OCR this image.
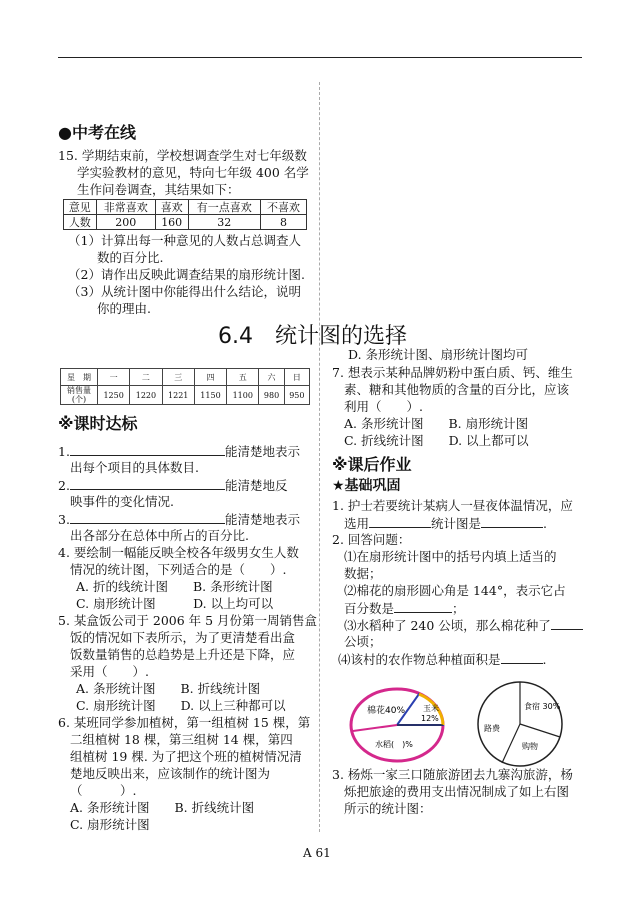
●中考在线
15. 学期结束前，学校想调查学生对七年级数
学实验教材的意见，特向七年级 400 名学
生作问卷调查，其结果如下：
意见	非常喜欢	喜欢	有一点喜欢	不喜欢
人数	200	160	32	8
（1）计算出每一种意见的人数占总调查人
数的百分比.
（2）请作出反映此调查结果的扇形统计图.
（3）从统计图中你能得出什么结论，说明
你的理由.
6.4　统计图的选择
星　期	一	二	三	四	五	六	日
销售量(个)	1250	1220	1221	1150	1100	980	950
※课时达标
1.	能清楚地表示
出每个项目的具体数目.
2.	能清楚地反
映事件的变化情况.
3.	能清楚地表示
出各部分在总体中所占的百分比.
4. 要绘制一幅能反映全校各年级男女生人数
情况的统计图，下列适合的是（　　）.
A. 折的线统计图　　B. 条形统计图
C. 扇形统计图　　　D. 以上均可以
5. 某盒饭公司于 2006 年 5 月份第一周销售盒
饭的情况如下表所示，为了更清楚看出盒
饭数量销售的总趋势是上升还是下降，应
采用（　　）.
A. 条形统计图　　B. 折线统计图
C. 扇形统计图　　D. 以上三种都可以
6. 某班同学参加植树，第一组植树 15 棵，第
二组植树 18 棵，第三组树 14 棵，第四
组植树 19 棵. 为了把这个班的植树情况清
楚地反映出来，应该制作的统计图为
（　　　）.
A. 条形统计图　　B. 折线统计图
C. 扇形统计图
D. 条形统计图、扇形统计图均可
7. 想表示某种品牌奶粉中蛋白质、钙、维生
素、糖和其他物质的含量的百分比，应该
利用（　　）.
A. 条形统计图　　B. 扇形统计图
C. 折线统计图　　D. 以上都可以
※课后作业
★基础巩固
1. 护士若要统计某病人一昼夜体温情况，应
选用	统计图是	.
2. 回答问题：
⑴在扇形统计图中的括号内填上适当的
数据；
⑵棉花的扇形圆心角是 144°，表示它占
百分数是	；
⑶水稻种了 240 公顷，那么棉花种了
公顷；
⑷该村的农作物总种植面积是	.
棉花40% 玉米
12%
水稻(　)%
食宿 30%
路费
购物
3. 杨烁一家三口随旅游团去九寨沟旅游，杨
烁把旅途的费用支出情况制成了如上右图
所示的统计图：
A 61
